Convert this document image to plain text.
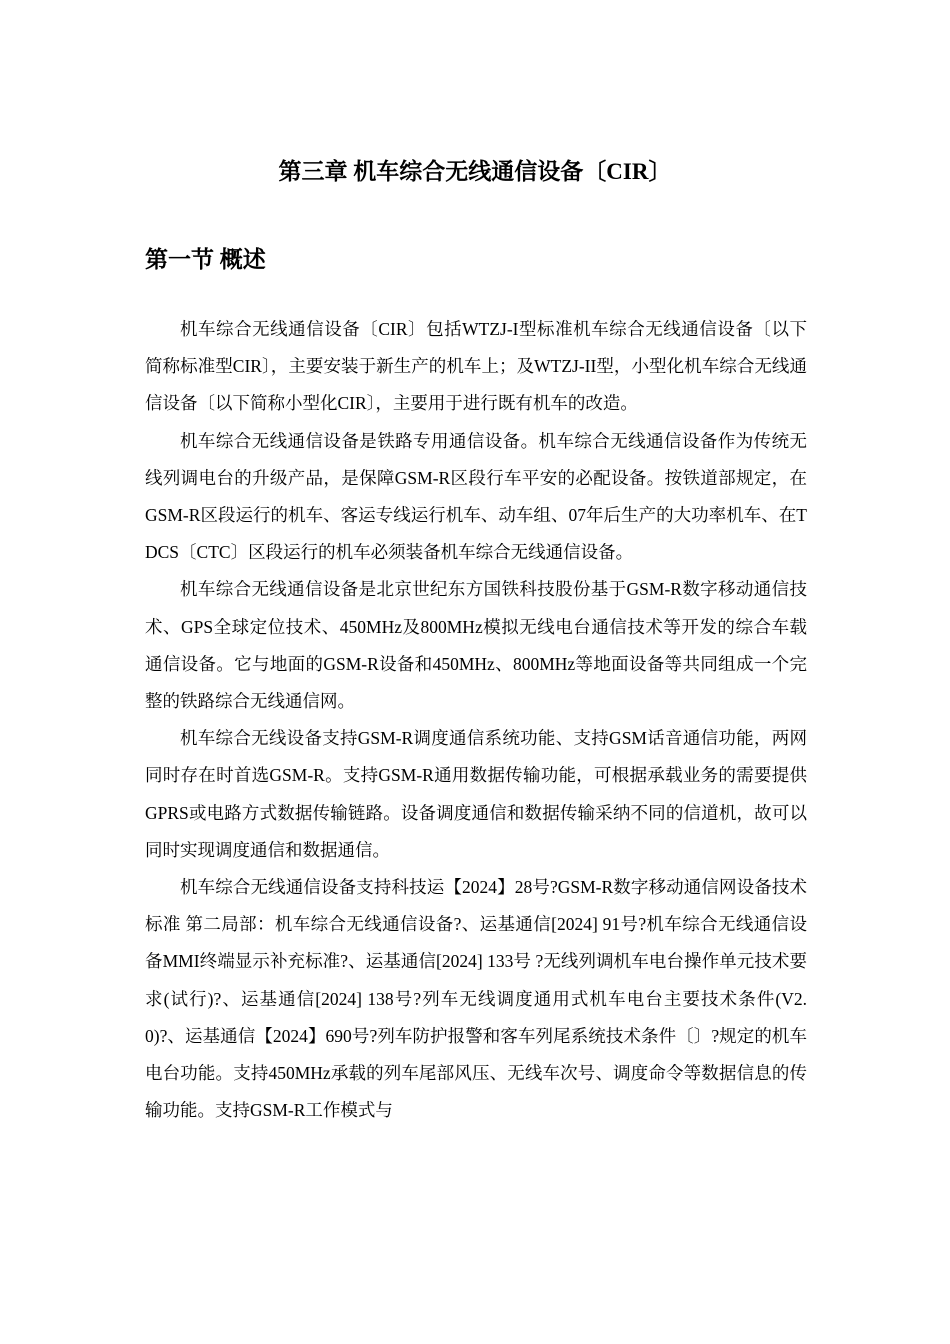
第三章 机车综合无线通信设备〔CIR〕
第一节 概述

机车综合无线通信设备〔CIR〕包括WTZJ-I型标准机车综合无线通信设备〔以下简称标准型CIR〕，主要安装于新生产的机车上；及WTZJ-II型，小型化机车综合无线通信设备〔以下简称小型化CIR〕，主要用于进行既有机车的改造。

机车综合无线通信设备是铁路专用通信设备。机车综合无线通信设备作为传统无线列调电台的升级产品，是保障GSM-R区段行车平安的必配设备。按铁道部规定，在GSM-R区段运行的机车、客运专线运行机车、动车组、07年后生产的大功率机车、在TDCS〔CTC〕区段运行的机车必须装备机车综合无线通信设备。

机车综合无线通信设备是北京世纪东方国铁科技股份基于GSM-R数字移动通信技术、GPS全球定位技术、450MHz及800MHz模拟无线电台通信技术等开发的综合车载通信设备。它与地面的GSM-R设备和450MHz、800MHz等地面设备等共同组成一个完整的铁路综合无线通信网。

机车综合无线设备支持GSM-R调度通信系统功能、支持GSM话音通信功能，两网同时存在时首选GSM-R。支持GSM-R通用数据传输功能，可根据承载业务的需要提供GPRS或电路方式数据传输链路。设备调度通信和数据传输采纳不同的信道机，故可以同时实现调度通信和数据通信。

机车综合无线通信设备支持科技运【2024】28号?GSM-R数字移动通信网设备技术标准 第二局部：机车综合无线通信设备?、运基通信[2024] 91号?机车综合无线通信设备MMI终端显示补充标准?、运基通信[2024] 133号 ?无线列调机车电台操作单元技术要求(试行)?、运基通信[2024] 138号?列车无线调度通用式机车电台主要技术条件(V2.0)?、运基通信【2024】690号?列车防护报警和客车列尾系统技术条件〔〕?规定的机车电台功能。支持450MHz承载的列车尾部风压、无线车次号、调度命令等数据信息的传输功能。支持GSM-R工作模式与
